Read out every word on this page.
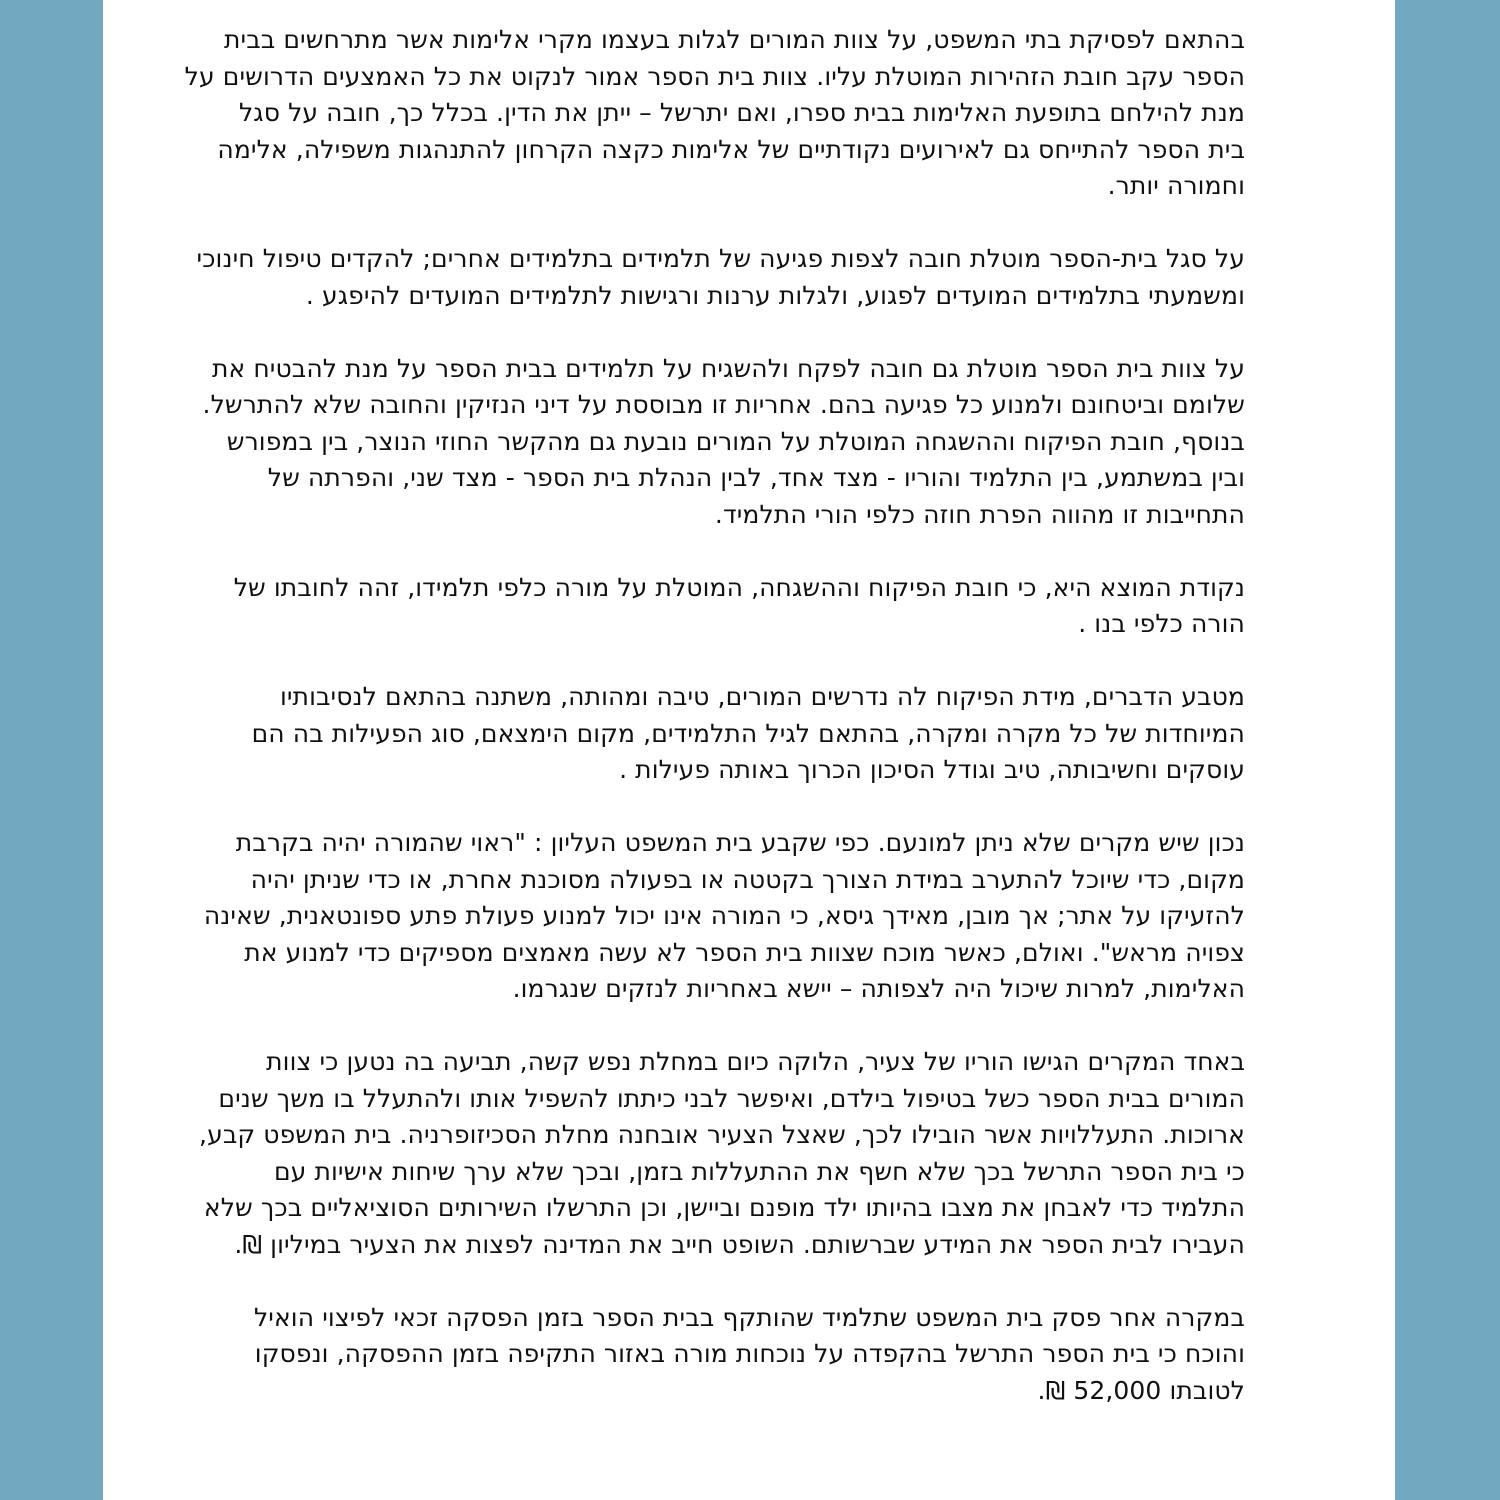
בהתאם לפסיקת בתי המשפט, על צוות המורים לגלות בעצמו מקרי אלימות אשר מתרחשים בבית
הספר עקב חובת הזהירות המוטלת עליו. צוות בית הספר אמור לנקוט את כל האמצעים הדרושים על
מנת להילחם בתופעת האלימות בבית ספרו, ואם יתרשל – ייתן את הדין. בכלל כך, חובה על סגל
בית הספר להתייחס גם לאירועים נקודתיים של אלימות כקצה הקרחון להתנהגות משפילה, אלימה
וחמורה יותר.

על סגל בית-הספר מוטלת חובה לצפות פגיעה של תלמידים בתלמידים אחרים; להקדים טיפול חינוכי
ומשמעתי בתלמידים המועדים לפגוע, ולגלות ערנות ורגישות לתלמידים המועדים להיפגע .

על צוות בית הספר מוטלת גם חובה לפקח ולהשגיח על תלמידים בבית הספר על מנת להבטיח את
שלומם וביטחונם ולמנוע כל פגיעה בהם. אחריות זו מבוססת על דיני הנזיקין והחובה שלא להתרשל.
בנוסף, חובת הפיקוח וההשגחה המוטלת על המורים נובעת גם מהקשר החוזי הנוצר, בין במפורש
ובין במשתמע, בין התלמיד והוריו - מצד אחד, לבין הנהלת בית הספר - מצד שני, והפרתה של
התחייבות זו מהווה הפרת חוזה כלפי הורי התלמיד.

נקודת המוצא היא, כי חובת הפיקוח וההשגחה, המוטלת על מורה כלפי תלמידו, זהה לחובתו של
הורה כלפי בנו .

מטבע הדברים, מידת הפיקוח לה נדרשים המורים, טיבה ומהותה, משתנה בהתאם לנסיבותיו
המיוחדות של כל מקרה ומקרה, בהתאם לגיל התלמידים, מקום הימצאם, סוג הפעילות בה הם
עוסקים וחשיבותה, טיב וגודל הסיכון הכרוך באותה פעילות .

נכון שיש מקרים שלא ניתן למונעם. כפי שקבע בית המשפט העליון : "ראוי שהמורה יהיה בקרבת
מקום, כדי שיוכל להתערב במידת הצורך בקטטה או בפעולה מסוכנת אחרת, או כדי שניתן יהיה
להזעיקו על אתר; אך מובן, מאידך גיסא, כי המורה אינו יכול למנוע פעולת פתע ספונטאנית, שאינה
צפויה מראש". ואולם, כאשר מוכח שצוות בית הספר לא עשה מאמצים מספיקים כדי למנוע את
האלימות, למרות שיכול היה לצפותה – יישא באחריות לנזקים שנגרמו.

באחד המקרים הגישו הוריו של צעיר, הלוקה כיום במחלת נפש קשה, תביעה בה נטען כי צוות
המורים בבית הספר כשל בטיפול בילדם, ואיפשר לבני כיתתו להשפיל אותו ולהתעלל בו משך שנים
ארוכות. התעללויות אשר הובילו לכך, שאצל הצעיר אובחנה מחלת הסכיזופרניה. בית המשפט קבע,
כי בית הספר התרשל בכך שלא חשף את ההתעללות בזמן, ובכך שלא ערך שיחות אישיות עם
התלמיד כדי לאבחן את מצבו בהיותו ילד מופנם וביישן, וכן התרשלו השירותים הסוציאליים בכך שלא
העבירו לבית הספר את המידע שברשותם. השופט חייב את המדינה לפצות את הצעיר במיליון ₪.

במקרה אחר פסק בית המשפט שתלמיד שהותקף בבית הספר בזמן הפסקה זכאי לפיצוי הואיל
והוכח כי בית הספר התרשל בהקפדה על נוכחות מורה באזור התקיפה בזמן ההפסקה, ונפסקו
לטובתו 52,000 ₪.
